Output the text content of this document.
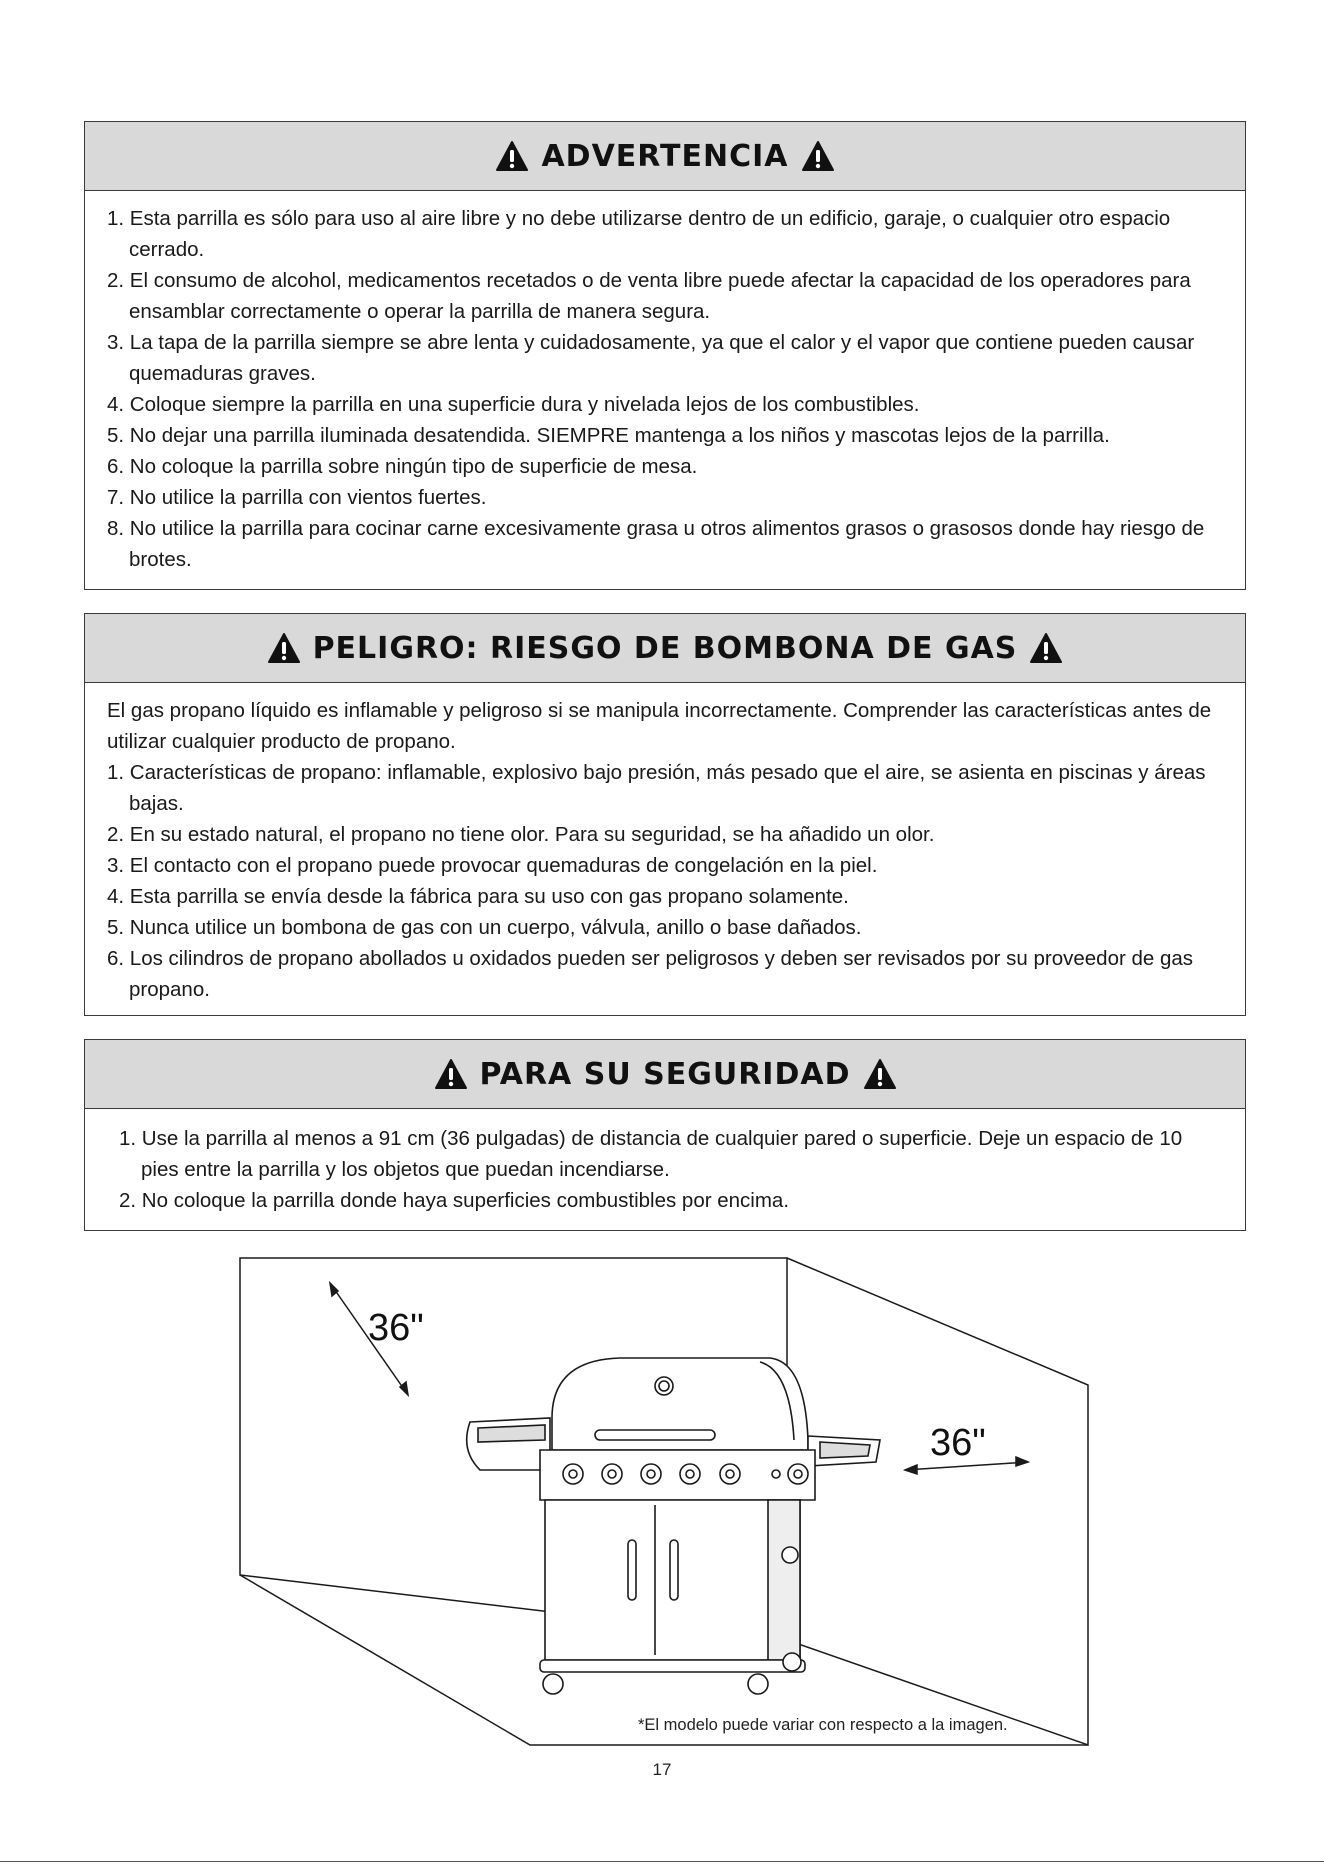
ADVERTENCIA
1. Esta parrilla es sólo para uso al aire libre y no debe utilizarse dentro de un edificio, garaje, o cualquier otro espacio cerrado.
2. El consumo de alcohol, medicamentos recetados o de venta libre puede afectar la capacidad de los operadores para ensamblar correctamente o operar la parrilla de manera segura.
3. La tapa de la parrilla siempre se abre lenta y cuidadosamente, ya que el calor y el vapor que contiene pueden causar quemaduras graves.
4. Coloque siempre la parrilla en una superficie dura y nivelada lejos de los combustibles.
5. No dejar una parrilla iluminada desatendida. SIEMPRE mantenga a los niños y mascotas lejos de la parrilla.
6. No coloque la parrilla sobre ningún tipo de superficie de mesa.
7. No utilice la parrilla con vientos fuertes.
8. No utilice la parrilla para cocinar carne excesivamente grasa u otros alimentos grasos o grasosos donde hay riesgo de brotes.
PELIGRO: RIESGO DE BOMBONA DE GAS

El gas propano líquido es inflamable y peligroso si se manipula incorrectamente. Comprender las características antes de utilizar cualquier producto de propano.

1. Características de propano: inflamable, explosivo bajo presión, más pesado que el aire, se asienta en piscinas y áreas bajas.
2. En su estado natural, el propano no tiene olor. Para su seguridad, se ha añadido un olor.
3. El contacto con el propano puede provocar quemaduras de congelación en la piel.
4. Esta parrilla se envía desde la fábrica para su uso con gas propano solamente.
5. Nunca utilice un bombona de gas con un cuerpo, válvula, anillo o base dañados.
6. Los cilindros de propano abollados u oxidados pueden ser peligrosos y deben ser revisados por su proveedor de gas propano.
PARA SU SEGURIDAD
1. Use la parrilla al menos a 91 cm (36 pulgadas) de distancia de cualquier pared o superficie. Deje un espacio de 10 pies entre la parrilla y los objetos que puedan incendiarse.
2. No coloque la parrilla donde haya superficies combustibles por encima.
36"
36"
*El modelo puede variar con respecto a la imagen.
17
